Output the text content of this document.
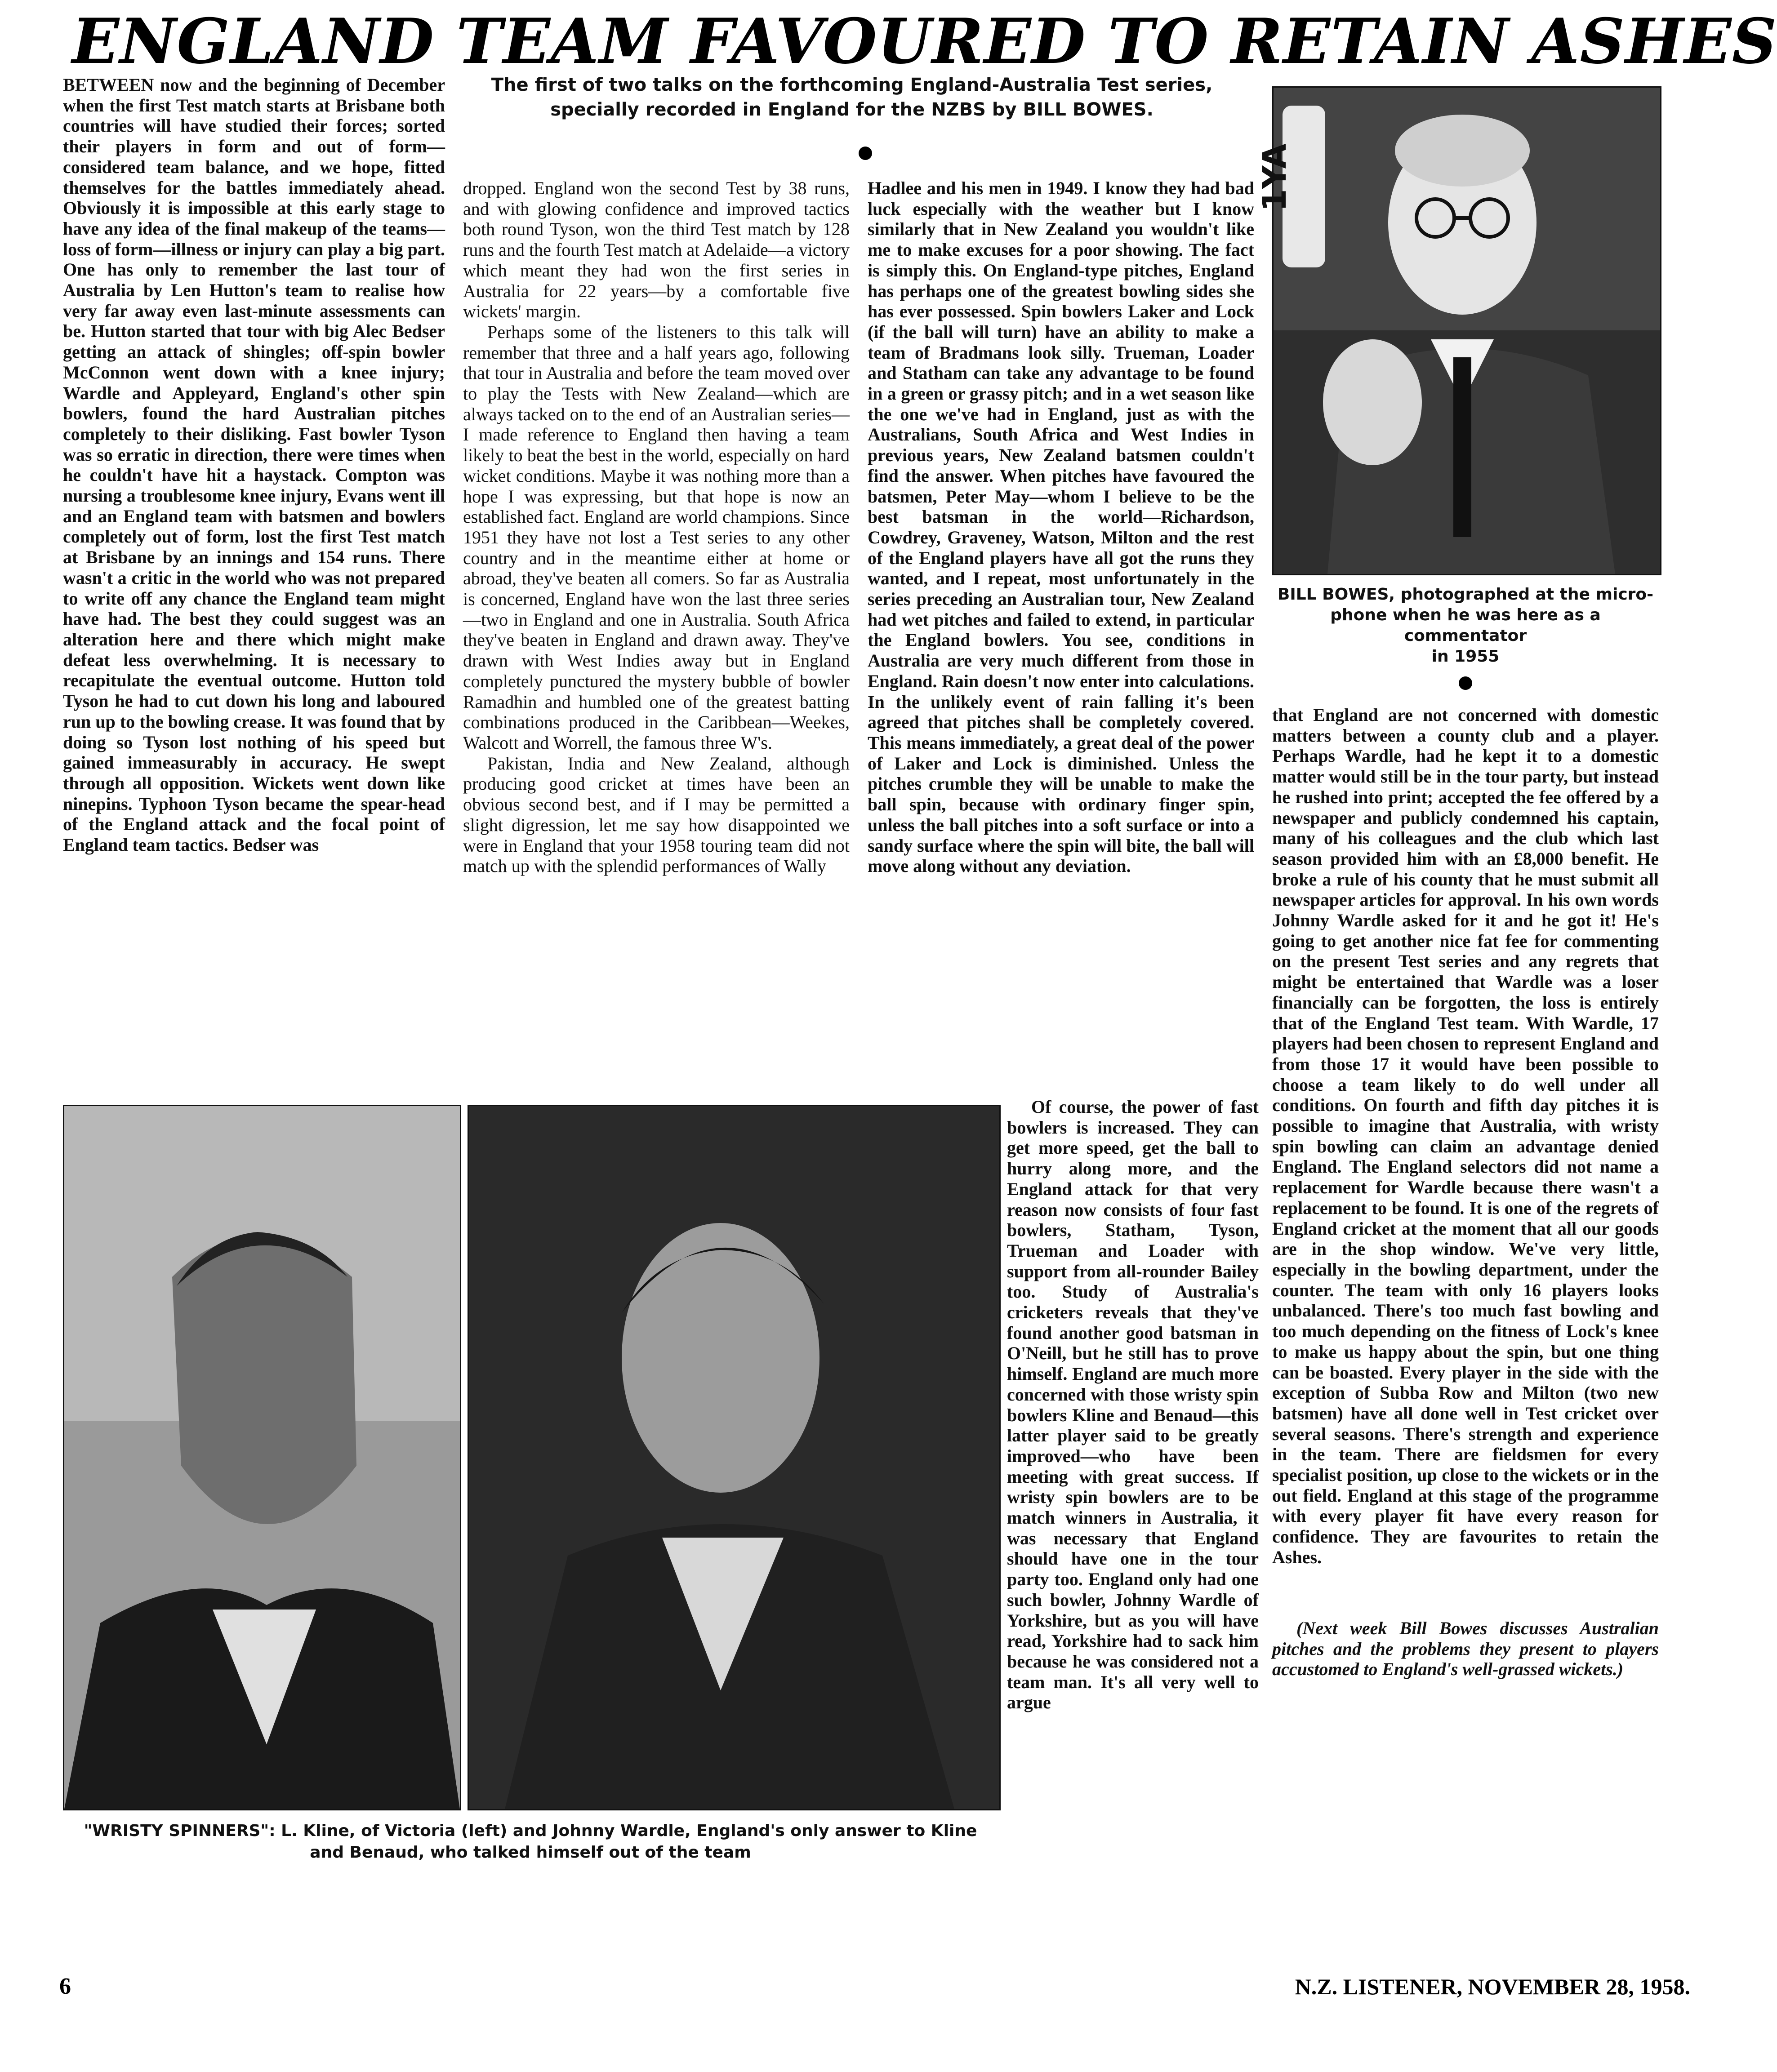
ENGLAND TEAM FAVOURED TO RETAIN ASHES

BETWEEN now and the beginning of December when the first Test match starts at Brisbane both countries will have studied their forces; sorted their players in form and out of form—considered team balance, and we hope, fitted themselves for the battles immediately ahead. Obviously it is impossible at this early stage to have any idea of the final makeup of the teams—loss of form—illness or injury can play a big part. One has only to remember the last tour of Australia by Len Hutton's team to realise how very far away even last-minute assessments can be. Hutton started that tour with big Alec Bedser getting an attack of shingles; off-spin bowler McConnon went down with a knee injury; Wardle and Appleyard, England's other spin bowlers, found the hard Australian pitches completely to their disliking. Fast bowler Tyson was so erratic in direction, there were times when he couldn't have hit a haystack. Compton was nursing a troublesome knee injury, Evans went ill and an England team with batsmen and bowlers completely out of form, lost the first Test match at Brisbane by an innings and 154 runs. There wasn't a critic in the world who was not prepared to write off any chance the England team might have had. The best they could suggest was an alteration here and there which might make defeat less overwhelming. It is necessary to recapitulate the eventual outcome. Hutton told Tyson he had to cut down his long and laboured run up to the bowling crease. It was found that by doing so Tyson lost nothing of his speed but gained immeasurably in accuracy. He swept through all opposition. Wickets went down like ninepins. Typhoon Tyson became the spear-head of the England attack and the focal point of England team tactics. Bedser was

The first of two talks on the forthcoming England-Australia Test series,
specially recorded in England for the NZBS by BILL BOWES.

dropped. England won the second Test by 38 runs, and with glowing confidence and improved tactics both round Tyson, won the third Test match by 128 runs and the fourth Test match at Adelaide—a victory which meant they had won the first series in Australia for 22 years—by a comfortable five wickets' margin.

Perhaps some of the listeners to this talk will remember that three and a half years ago, following that tour in Australia and before the team moved over to play the Tests with New Zealand—which are always tacked on to the end of an Australian series—I made reference to England then having a team likely to beat the best in the world, especially on hard wicket conditions. Maybe it was nothing more than a hope I was expressing, but that hope is now an established fact. England are world champions. Since 1951 they have not lost a Test series to any other country and in the meantime either at home or abroad, they've beaten all comers. So far as Australia is concerned, England have won the last three series—two in England and one in Australia. South Africa they've beaten in England and drawn away. They've drawn with West Indies away but in England completely punctured the mystery bubble of bowler Ramadhin and humbled one of the greatest batting combinations produced in the Caribbean—Weekes, Walcott and Worrell, the famous three W's.

Pakistan, India and New Zealand, although producing good cricket at times have been an obvious second best, and if I may be permitted a slight digression, let me say how disappointed we were in England that your 1958 touring team did not match up with the splendid performances of Wally

Hadlee and his men in 1949. I know they had bad luck especially with the weather but I know similarly that in New Zealand you wouldn't like me to make excuses for a poor showing. The fact is simply this. On England-type pitches, England has perhaps one of the greatest bowling sides she has ever possessed. Spin bowlers Laker and Lock (if the ball will turn) have an ability to make a team of Bradmans look silly. Trueman, Loader and Statham can take any advantage to be found in a green or grassy pitch; and in a wet season like the one we've had in England, just as with the Australians, South Africa and West Indies in previous years, New Zealand batsmen couldn't find the answer. When pitches have favoured the batsmen, Peter May—whom I believe to be the best batsman in the world—Richardson, Cowdrey, Graveney, Watson, Milton and the rest of the England players have all got the runs they wanted, and I repeat, most unfortunately in the series preceding an Australian tour, New Zealand had wet pitches and failed to extend, in particular the England bowlers. You see, conditions in Australia are very much different from those in England. Rain doesn't now enter into calculations. In the unlikely event of rain falling it's been agreed that pitches shall be completely covered. This means immediately, a great deal of the power of Laker and Lock is diminished. Unless the pitches crumble they will be unable to make the ball spin, because with ordinary finger spin, unless the ball pitches into a soft surface or into a sandy surface where the spin will bite, the ball will move along without any deviation.

1YA
BILL BOWES, photographed at the micro-
phone when he was here as a commentator
in 1955

that England are not concerned with domestic matters between a county club and a player. Perhaps Wardle, had he kept it to a domestic matter would still be in the tour party, but instead he rushed into print; accepted the fee offered by a newspaper and publicly condemned his captain, many of his colleagues and the club which last season provided him with an £8,000 benefit. He broke a rule of his county that he must submit all newspaper articles for approval. In his own words Johnny Wardle asked for it and he got it! He's going to get another nice fat fee for commenting on the present Test series and any regrets that might be entertained that Wardle was a loser financially can be forgotten, the loss is entirely that of the England Test team. With Wardle, 17 players had been chosen to represent England and from those 17 it would have been possible to choose a team likely to do well under all conditions. On fourth and fifth day pitches it is possible to imagine that Australia, with wristy spin bowling can claim an advantage denied England. The England selectors did not name a replacement for Wardle because there wasn't a replacement to be found. It is one of the regrets of England cricket at the moment that all our goods are in the shop window. We've very little, especially in the bowling department, under the counter. The team with only 16 players looks unbalanced. There's too much fast bowling and too much depending on the fitness of Lock's knee to make us happy about the spin, but one thing can be boasted. Every player in the side with the exception of Subba Row and Milton (two new batsmen) have all done well in Test cricket over several seasons. There's strength and experience in the team. There are fieldsmen for every specialist position, up close to the wickets or in the out field. England at this stage of the programme with every player fit have every reason for confidence. They are favourites to retain the Ashes.

(Next week Bill Bowes discusses Australian pitches and the problems they present to players accustomed to England's well-grassed wickets.)

Of course, the power of fast bowlers is increased. They can get more speed, get the ball to hurry along more, and the England attack for that very reason now consists of four fast bowlers, Statham, Tyson, Trueman and Loader with support from all-rounder Bailey too. Study of Australia's cricketers reveals that they've found another good batsman in O'Neill, but he still has to prove himself. England are much more concerned with those wristy spin bowlers Kline and Benaud—this latter player said to be greatly improved—who have been meeting with great success. If wristy spin bowlers are to be match winners in Australia, it was necessary that England should have one in the tour party too. England only had one such bowler, Johnny Wardle of Yorkshire, but as you will have read, Yorkshire had to sack him because he was considered not a team man. It's all very well to argue

"WRISTY SPINNERS": L. Kline, of Victoria (left) and Johnny Wardle, England's only answer to Kline
and Benaud, who talked himself out of the team
6	N.Z. LISTENER, NOVEMBER 28, 1958.
